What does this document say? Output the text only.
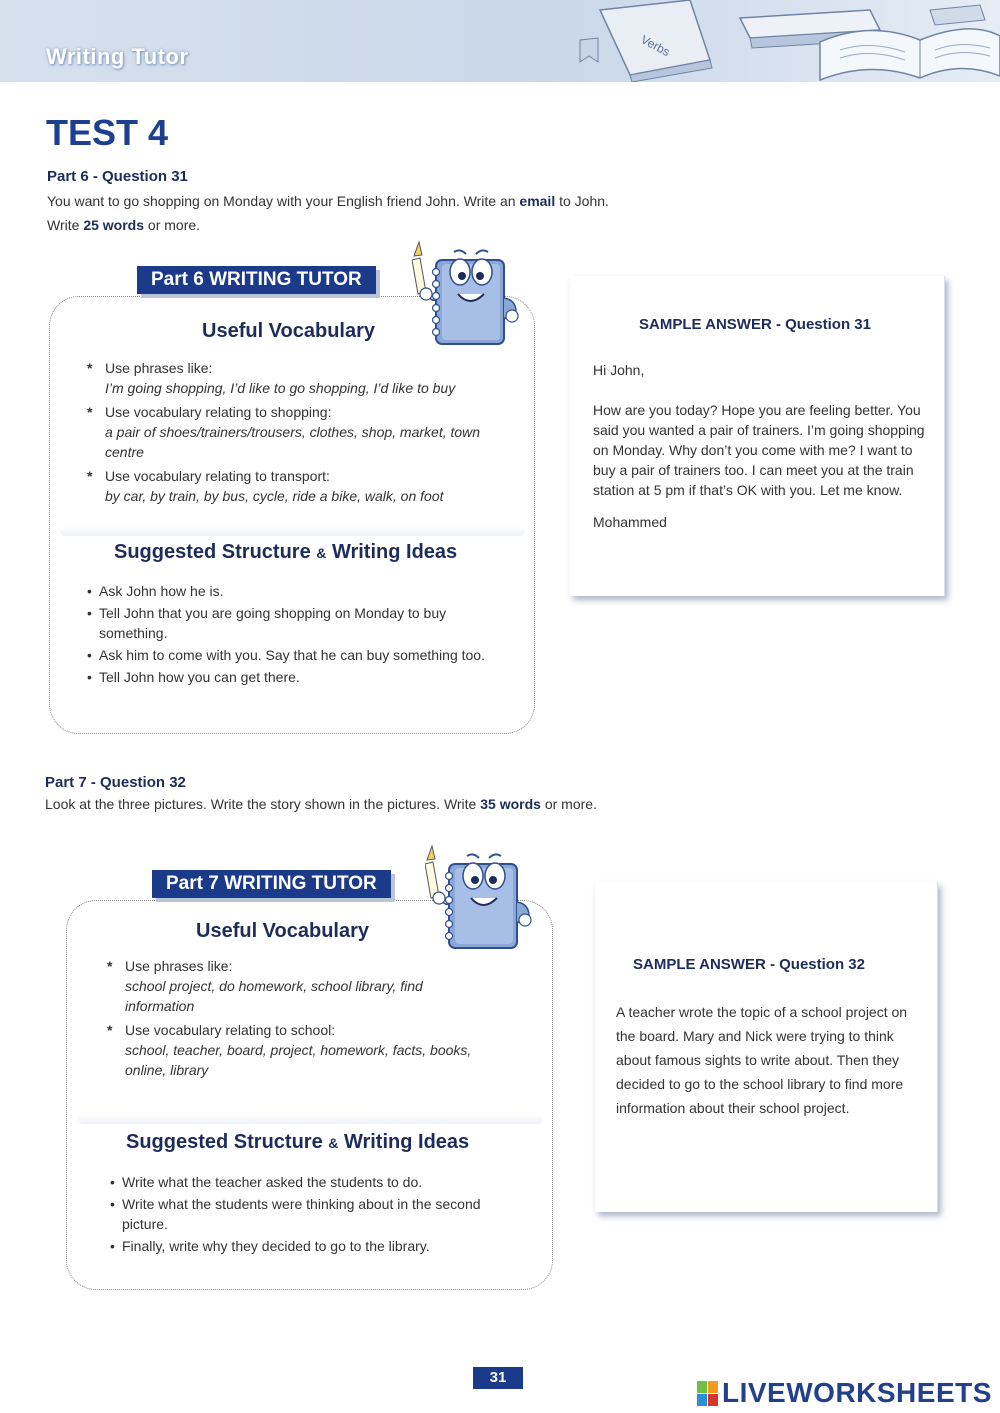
Verbs
Writing Tutor
TEST 4
Part 6 - Question 31
You want to go shopping on Monday with your English friend John. Write an email to John.
Write 25 words or more.
Part 6 WRITING TUTOR
Useful Vocabulary
* Use phrases like:
I’m going shopping, I’d like to go shopping, I’d like to buy
* Use vocabulary relating to shopping:
a pair of shoes/trainers/trousers, clothes, shop, market, town centre
* Use vocabulary relating to transport:
by car, by train, by bus, cycle, ride a bike, walk, on foot
Suggested Structure & Writing Ideas
• Ask John how he is.
• Tell John that you are going shopping on Monday to buy something.
• Ask him to come with you. Say that he can buy something too.
• Tell John how you can get there.
SAMPLE ANSWER - Question 31

Hi John,

How are you today? Hope you are feeling better. You said you wanted a pair of trainers. I’m going shopping on Monday. Why don’t you come with me? I want to buy a pair of trainers too. I can meet you at the train station at 5 pm if that’s OK with you. Let me know.

Mohammed

Part 7 - Question 32
Look at the three pictures. Write the story shown in the pictures. Write 35 words or more.
Part 7 WRITING TUTOR
Useful Vocabulary
* Use phrases like:
school project, do homework, school library, find information
* Use vocabulary relating to school:
school, teacher, board, project, homework, facts, books, online, library
Suggested Structure & Writing Ideas
• Write what the teacher asked the students to do.
• Write what the students were thinking about in the second picture.
• Finally, write why they decided to go to the library.
SAMPLE ANSWER - Question 32

A teacher wrote the topic of a school project on the board. Mary and Nick were trying to think about famous sights to write about. Then they decided to go to the school library to find more information about their school project.

31	LIVEWORKSHEETS
